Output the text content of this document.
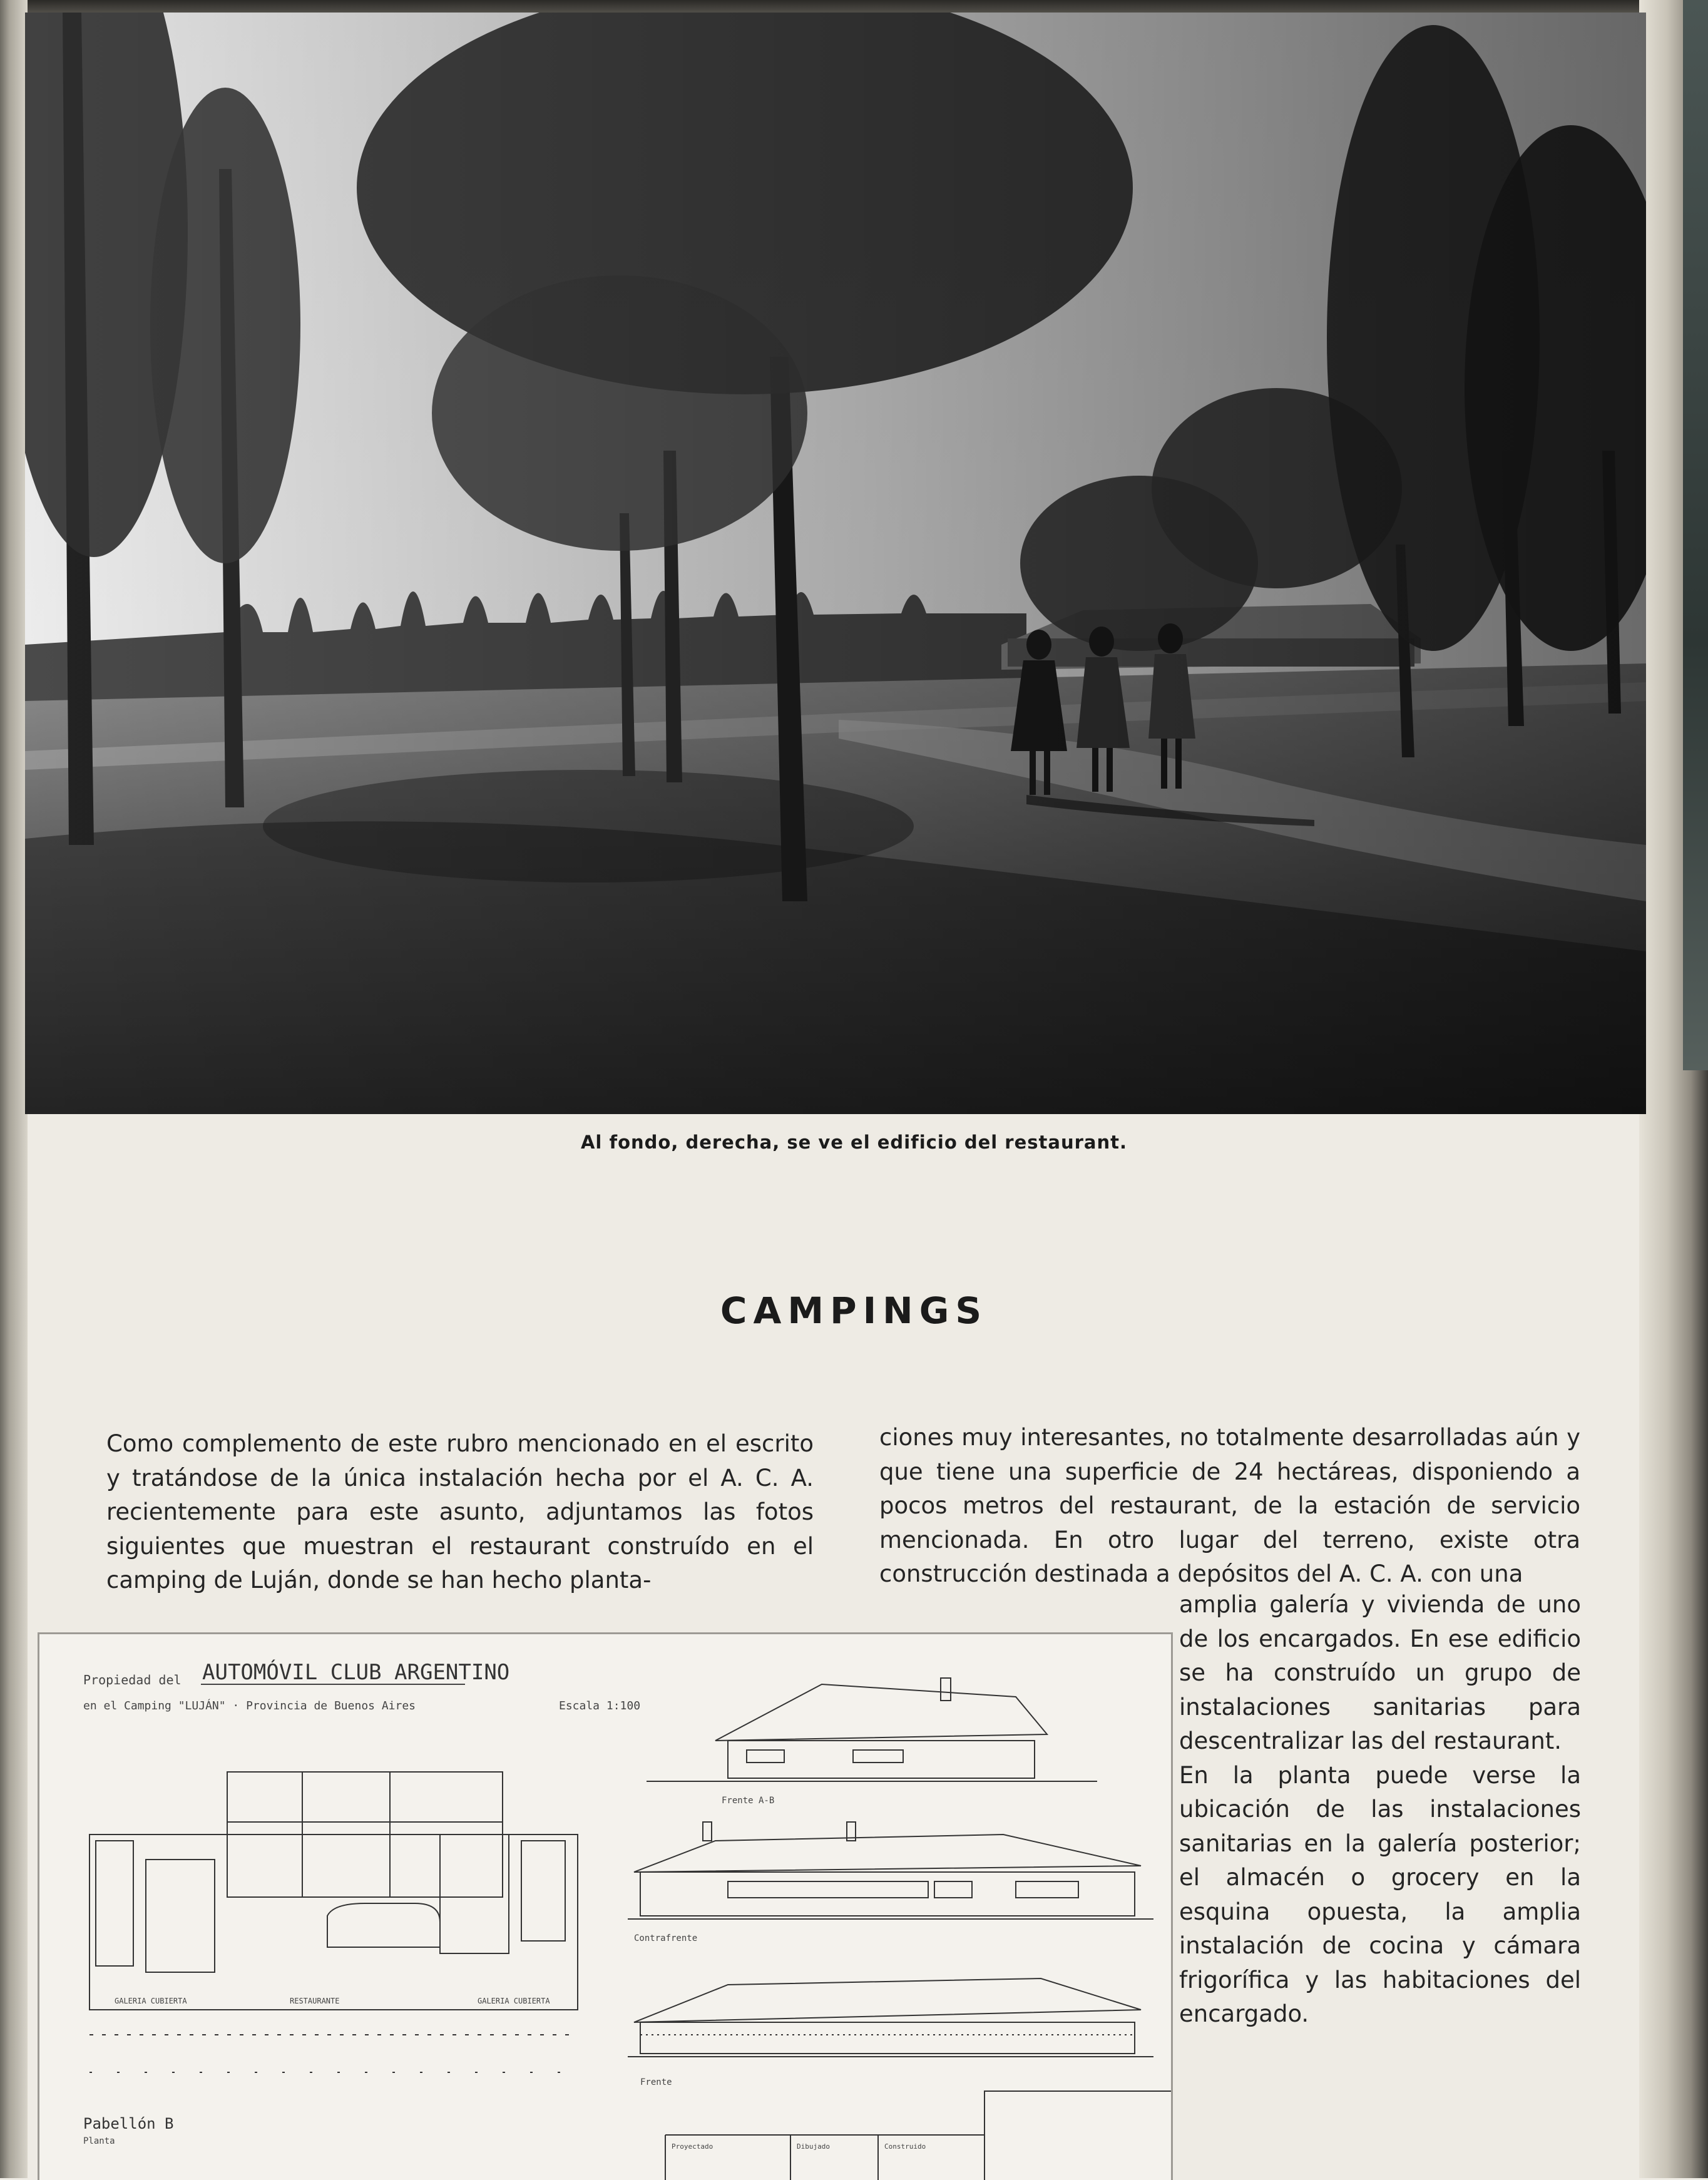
Al fondo, derecha, se ve el edificio del restaurant.
CAMPINGS

Como complemento de este rubro mencionado en el escrito y tratándose de la única instalación hecha por el A. C. A. recientemente para este asunto, adjuntamos las fotos siguientes que muestran el restaurant construído en el camping de Luján, donde se han hecho planta-

ciones muy interesantes, no totalmente desarrolladas aún y que tiene una superficie de 24 hectáreas, disponiendo a pocos metros del restaurant, de la estación de servicio mencionada. En otro lugar del terreno, existe otra construcción destinada a depósitos del A. C. A. con una

amplia galería y vivienda de uno de los encargados. En ese edificio se ha construído un grupo de instalaciones sanitarias para descentralizar las del restaurant.

En la planta puede verse la ubicación de las instalaciones sanitarias en la galería posterior; el almacén o grocery en la esquina opuesta, la amplia instalación de cocina y cámara frigorífica y las habitaciones del encargado.

Propiedad del AUTOMÓVIL CLUB ARGENTINO
en el Camping "LUJÁN" · Provincia de Buenos Aires	Escala 1:100
GALERIA CUBIERTA	RESTAURANTE	GALERIA CUBIERTA
Pabellón B
Planta
Frente A-B
Contrafrente
Frente
Proyectado	Dibujado	Construido
